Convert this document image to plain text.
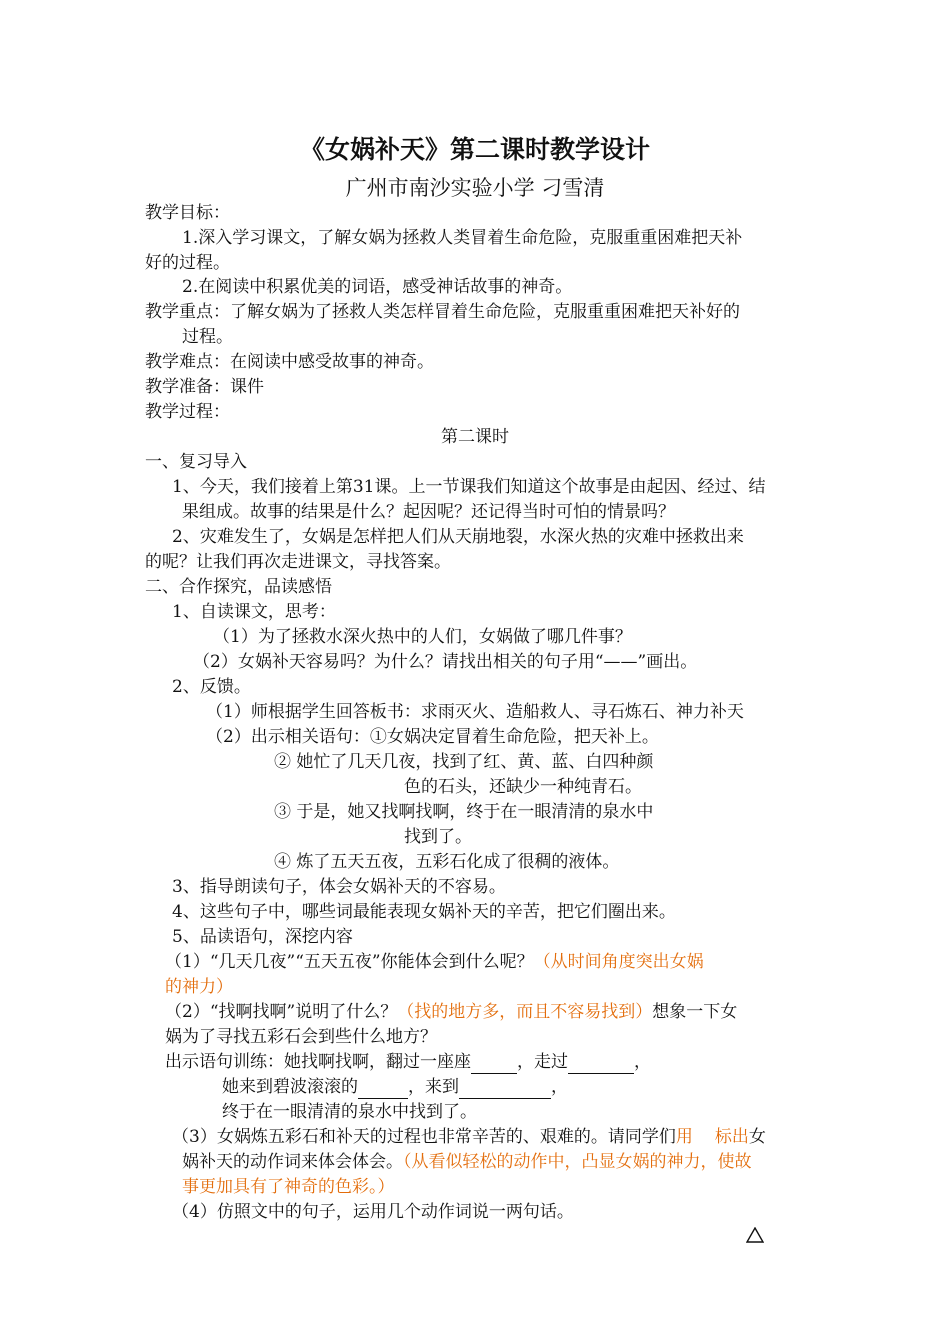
《女娲补天》第二课时教学设计
广州市南沙实验小学 刁雪清
教学目标：
1.深入学习课文，了解女娲为拯救人类冒着生命危险，克服重重困难把天补
好的过程。
2.在阅读中积累优美的词语，感受神话故事的神奇。
教学重点：了解女娲为了拯救人类怎样冒着生命危险，克服重重困难把天补好的
过程。
教学难点：在阅读中感受故事的神奇。
教学准备：课件
教学过程：
第二课时
一、复习导入
1、今天，我们接着上第31课。上一节课我们知道这个故事是由起因、经过、结
果组成。故事的结果是什么？起因呢？还记得当时可怕的情景吗？
2、灾难发生了，女娲是怎样把人们从天崩地裂，水深火热的灾难中拯救出来
的呢？让我们再次走进课文，寻找答案。
二、合作探究，品读感悟
1、自读课文，思考：
（1）为了拯救水深火热中的人们，女娲做了哪几件事？
（2）女娲补天容易吗？为什么？请找出相关的句子用“——”画出。
2、反馈。
（1）师根据学生回答板书：求雨灭火、造船救人、寻石炼石、神力补天
（2）出示相关语句：①女娲决定冒着生命危险，把天补上。
② 她忙了几天几夜，找到了红、黄、蓝、白四种颜
色的石头，还缺少一种纯青石。
③ 于是，她又找啊找啊，终于在一眼清清的泉水中
找到了。
④ 炼了五天五夜，五彩石化成了很稠的液体。
3、指导朗读句子，体会女娲补天的不容易。
4、这些句子中，哪些词最能表现女娲补天的辛苦，把它们圈出来。
5、品读语句，深挖内容
（1）“几天几夜”“五天五夜”你能体会到什么呢？（从时间角度突出女娲
的神力）
（2）“找啊找啊”说明了什么？（找的地方多，而且不容易找到）想象一下女
娲为了寻找五彩石会到些什么地方？
出示语句训练：她找啊找啊，翻过一座座	，走过	，
她来到碧波滚滚的	，来到	，
终于在一眼清清的泉水中找到了。
（3）女娲炼五彩石和补天的过程也非常辛苦的、艰难的。请同学们用 标出女
娲补天的动作词来体会体会。（从看似轻松的动作中，凸显女娲的神力，使故
事更加具有了神奇的色彩。）
（4）仿照文中的句子，运用几个动作词说一两句话。
